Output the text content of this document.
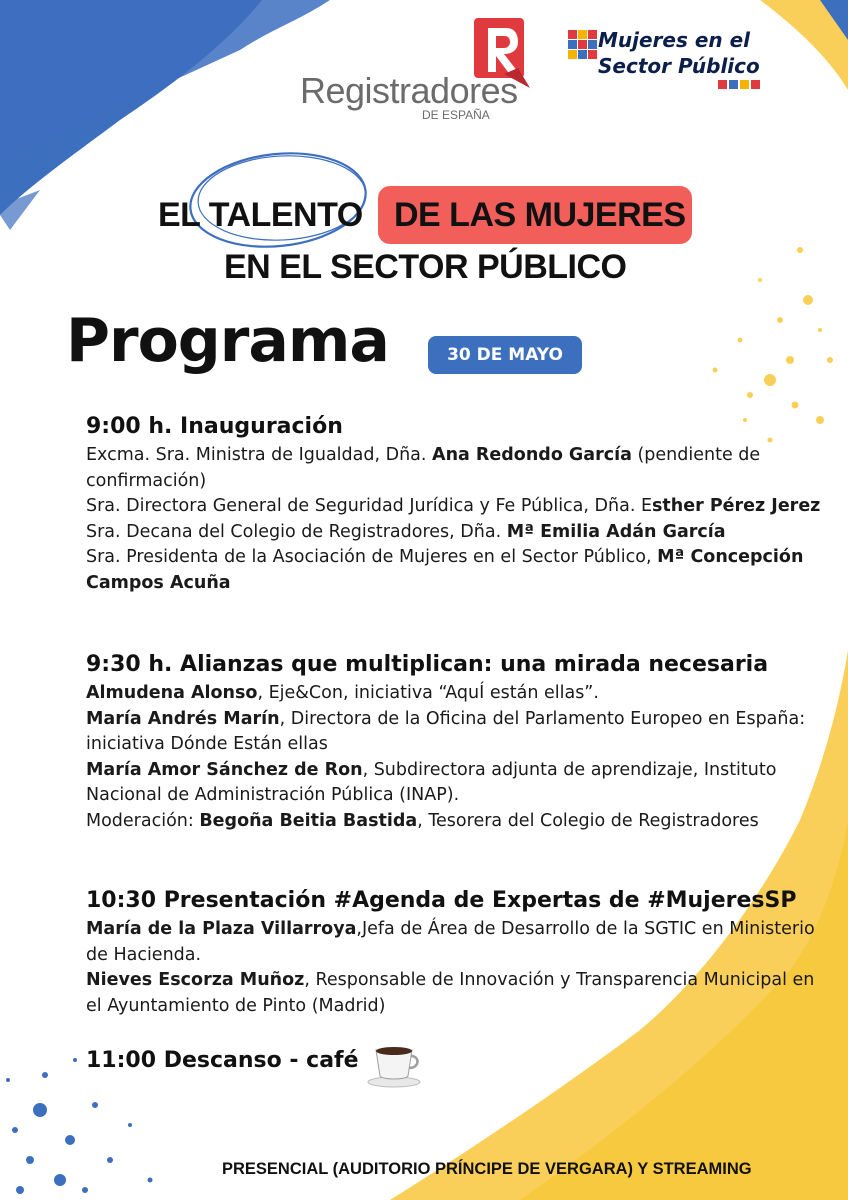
Registradores
DE ESPAÑA
Mujeres en el
Sector Público
EL TALENTO DE LAS MUJERES
EN EL SECTOR PÚBLICO
Programa	30 DE MAYO
9:00 h. Inauguración

Excma. Sra. Ministra de Igualdad, Dña. Ana Redondo García (pendiente de confirmación)
Sra. Directora General de Seguridad Jurídica y Fe Pública, Dña. Esther Pérez Jerez
Sra. Decana del Colegio de Registradores, Dña. Mª Emilia Adán García
Sra. Presidenta de la Asociación de Mujeres en el Sector Público, Mª Concepción Campos Acuña

9:30 h. Alianzas que multiplican: una mirada necesaria

Almudena Alonso, Eje&Con, iniciativa “AquÍ están ellas”.
María Andrés Marín, Directora de la Oficina del Parlamento Europeo en España: iniciativa Dónde Están ellas
María Amor Sánchez de Ron, Subdirectora adjunta de aprendizaje, Instituto Nacional de Administración Pública (INAP).
Moderación: Begoña Beitia Bastida, Tesorera del Colegio de Registradores

10:30 Presentación #Agenda de Expertas de #MujeresSP

María de la Plaza Villarroya,Jefa de Área de Desarrollo de la SGTIC en Ministerio de Hacienda.
Nieves Escorza Muñoz, Responsable de Innovación y Transparencia Municipal en el Ayuntamiento de Pinto (Madrid)

11:00 Descanso - café
PRESENCIAL (AUDITORIO PRÍNCIPE DE VERGARA) Y STREAMING
